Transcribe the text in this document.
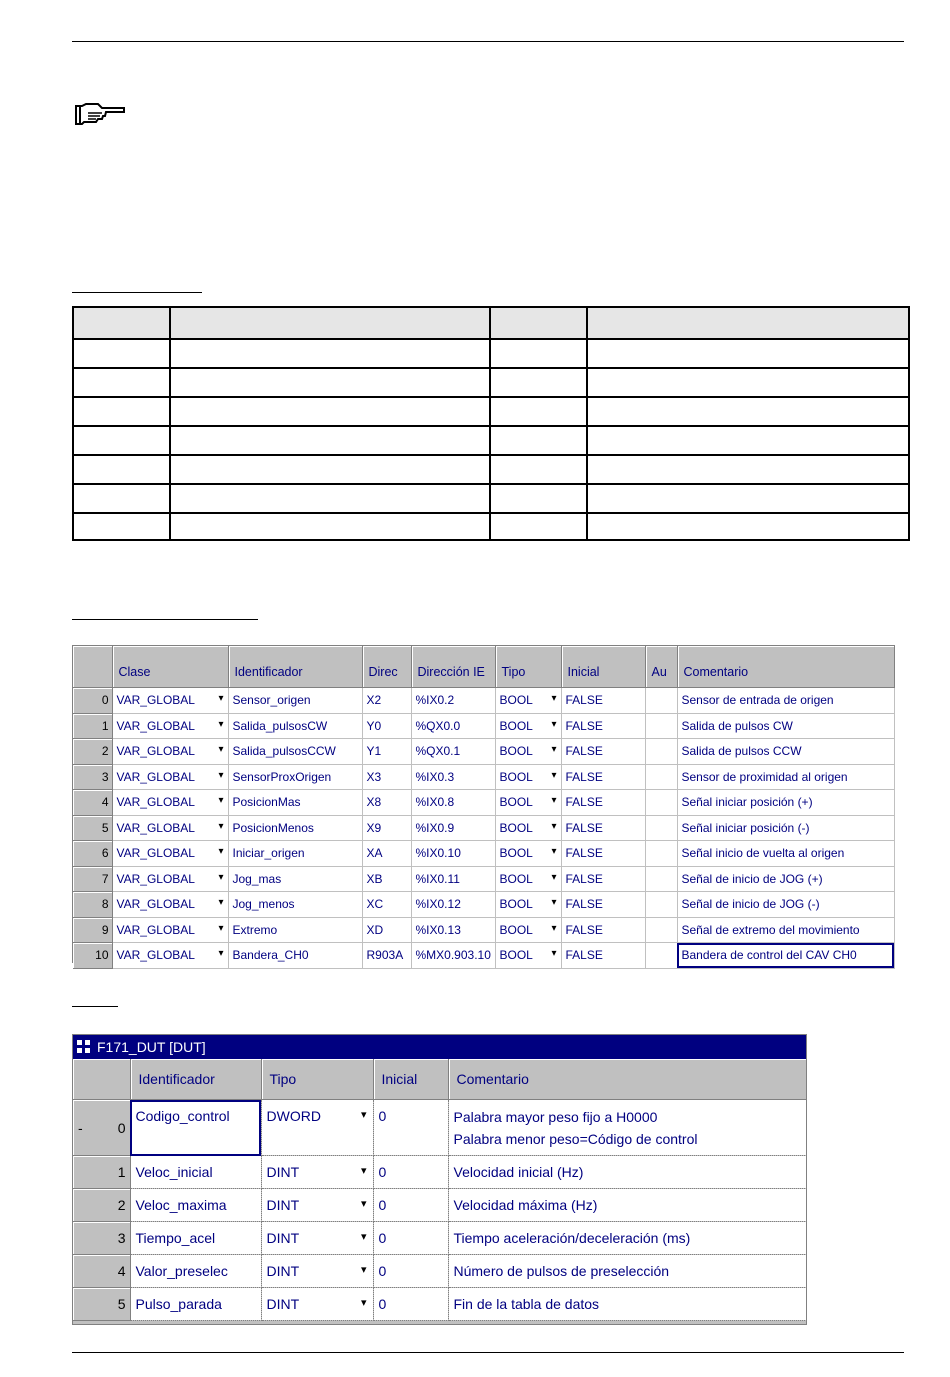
	Clase	Identificador	Direc	Dirección IE	Tipo	Inicial	Au	Comentario
0	VAR_GLOBAL ▾	Sensor_origen	X2	%IX0.2	BOOL ▾	FALSE		Sensor de entrada de origen
1	VAR_GLOBAL ▾	Salida_pulsosCW	Y0	%QX0.0	BOOL ▾	FALSE		Salida de pulsos CW
2	VAR_GLOBAL ▾	Salida_pulsosCCW	Y1	%QX0.1	BOOL ▾	FALSE		Salida de pulsos CCW
3	VAR_GLOBAL ▾	SensorProxOrigen	X3	%IX0.3	BOOL ▾	FALSE		Sensor de proximidad al origen
4	VAR_GLOBAL ▾	PosicionMas	X8	%IX0.8	BOOL ▾	FALSE		Señal iniciar posición (+)
5	VAR_GLOBAL ▾	PosicionMenos	X9	%IX0.9	BOOL ▾	FALSE		Señal iniciar posición (-)
6	VAR_GLOBAL ▾	Iniciar_origen	XA	%IX0.10	BOOL ▾	FALSE		Señal inicio de vuelta al origen
7	VAR_GLOBAL ▾	Jog_mas	XB	%IX0.11	BOOL ▾	FALSE		Señal de inicio de JOG (+)
8	VAR_GLOBAL ▾	Jog_menos	XC	%IX0.12	BOOL ▾	FALSE		Señal de inicio de JOG (-)
9	VAR_GLOBAL ▾	Extremo	XD	%IX0.13	BOOL ▾	FALSE		Señal de extremo del movimiento
10	VAR_GLOBAL ▾	Bandera_CH0	R903A	%MX0.903.10	BOOL ▾	FALSE		Bandera de control del CAV CH0
F171_DUT [DUT]
	Identificador	Tipo	Inicial	Comentario

- 0	Codigo_control	DWORD ▾	0	Palabra mayor peso fijo a H0000
Palabra menor peso=Código de control

1	Veloc_inicial	DINT ▾	0	Velocidad inicial (Hz)

2	Veloc_maxima	DINT ▾	0	Velocidad máxima (Hz)

3	Tiempo_acel	DINT ▾	0	Tiempo aceleración/deceleración (ms)

4	Valor_preselec	DINT ▾	0	Número de pulsos de preselección

5	Pulso_parada	DINT ▾	0	Fin de la tabla de datos
